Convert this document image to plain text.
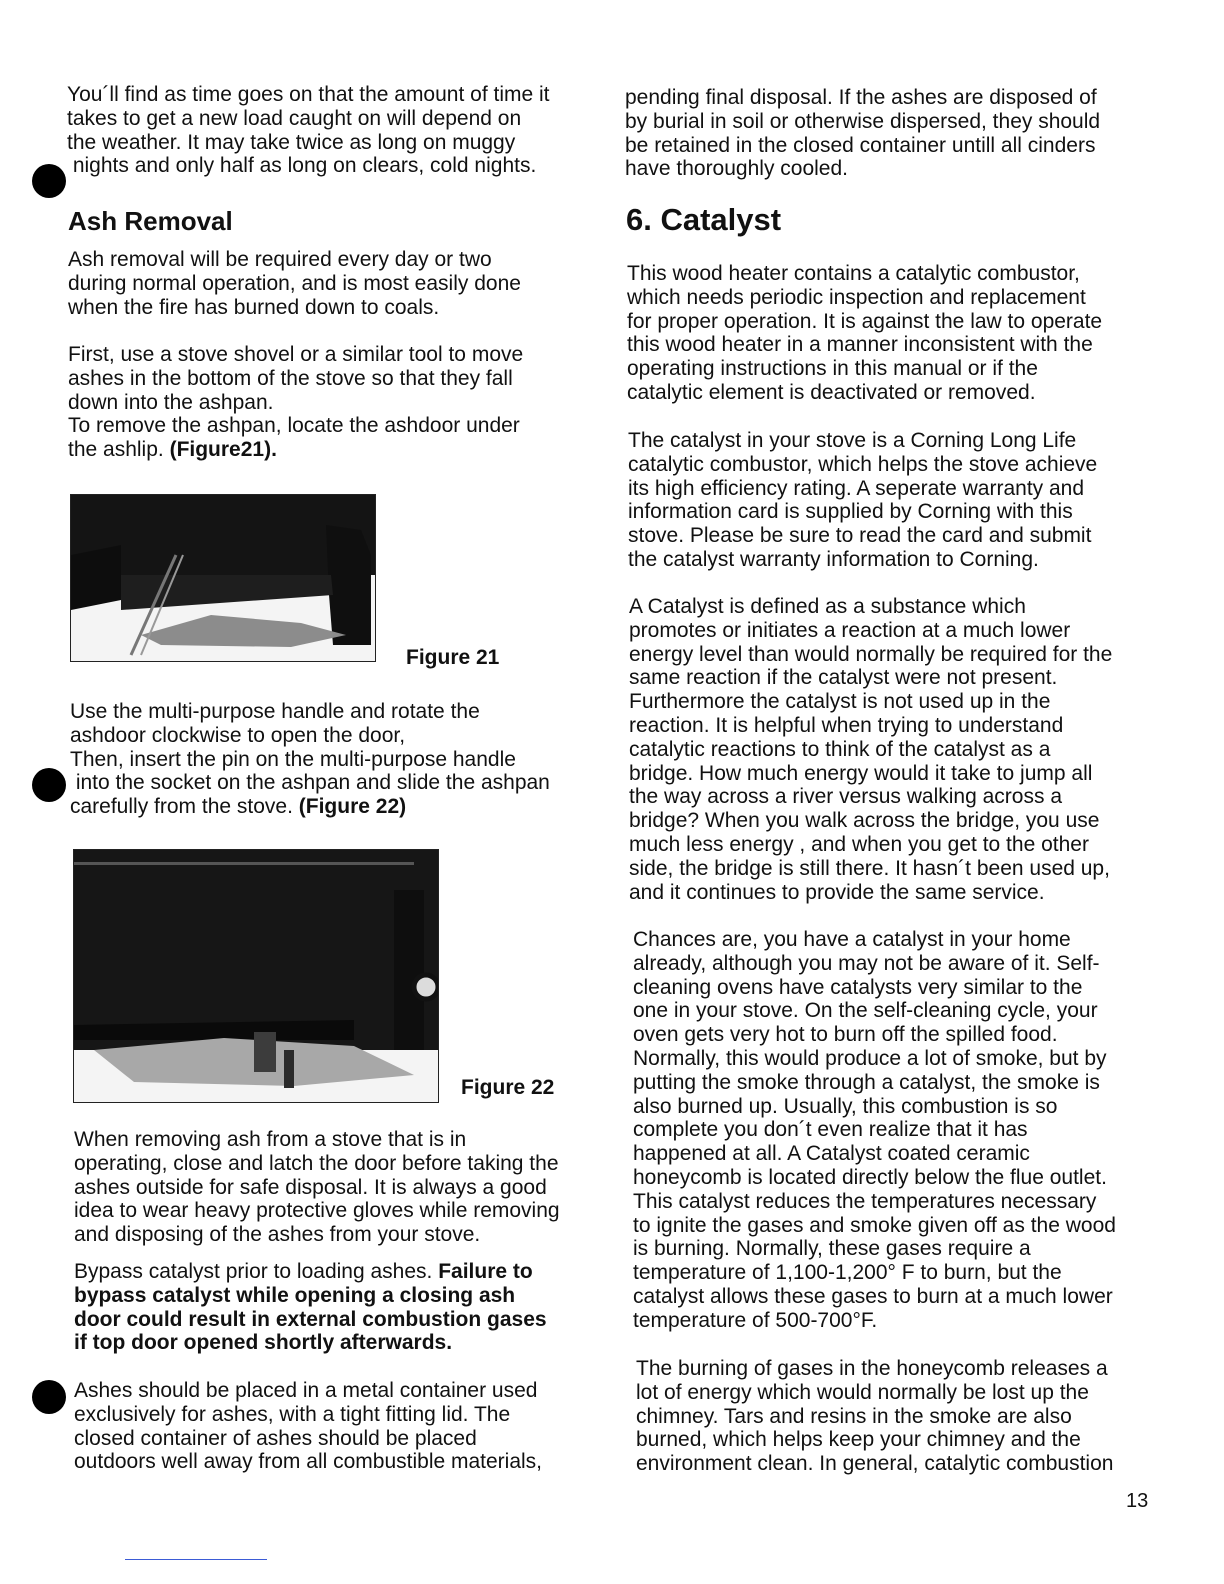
You´ll find as time goes on that the amount of time it
takes to get a new load caught on will depend on
the weather. It may take twice as long on muggy
nights and only half as long on clears, cold nights.

Ash Removal

Ash removal will be required every day or two
during normal operation, and is most easily done
when the fire has burned down to coals.

First, use a stove shovel or a similar tool to move
ashes in the bottom of the stove so that they fall
down into the ashpan.
To remove the ashpan, locate the ashdoor under
the ashlip. (Figure21).

Figure 21

Use the multi-purpose handle and rotate the
ashdoor clockwise to open the door,
Then, insert the pin on the multi-purpose handle
into the socket on the ashpan and slide the ashpan
carefully from the stove. (Figure 22)

Figure 22

When removing ash from a stove that is in
operating, close and latch the door before taking the
ashes outside for safe disposal. It is always a good
idea to wear heavy protective gloves while removing
and disposing of the ashes from your stove.

Bypass catalyst prior to loading ashes. Failure to
bypass catalyst while opening a closing ash
door could result in external combustion gases
if top door opened shortly afterwards.

Ashes should be placed in a metal container used
exclusively for ashes, with a tight fitting lid. The
closed container of ashes should be placed
outdoors well away from all combustible materials,

pending final disposal. If the ashes are disposed of
by burial in soil or otherwise dispersed, they should
be retained in the closed container untill all cinders
have thoroughly cooled.

6. Catalyst

This wood heater contains a catalytic combustor,
which needs periodic inspection and replacement
for proper operation. It is against the law to operate
this wood heater in a manner inconsistent with the
operating instructions in this manual or if the
catalytic element is deactivated or removed.

The catalyst in your stove is a Corning Long Life
catalytic combustor, which helps the stove achieve
its high efficiency rating. A seperate warranty and
information card is supplied by Corning with this
stove. Please be sure to read the card and submit
the catalyst warranty information to Corning.

A Catalyst is defined as a substance which
promotes or initiates a reaction at a much lower
energy level than would normally be required for the
same reaction if the catalyst were not present.
Furthermore the catalyst is not used up in the
reaction. It is helpful when trying to understand
catalytic reactions to think of the catalyst as a
bridge. How much energy would it take to jump all
the way across a river versus walking across a
bridge? When you walk across the bridge, you use
much less energy , and when you get to the other
side, the bridge is still there. It hasn´t been used up,
and it continues to provide the same service.

Chances are, you have a catalyst in your home
already, although you may not be aware of it. Self-
cleaning ovens have catalysts very similar to the
one in your stove. On the self-cleaning cycle, your
oven gets very hot to burn off the spilled food.
Normally, this would produce a lot of smoke, but by
putting the smoke through a catalyst, the smoke is
also burned up. Usually, this combustion is so
complete you don´t even realize that it has
happened at all. A Catalyst coated ceramic
honeycomb is located directly below the flue outlet.
This catalyst reduces the temperatures necessary
to ignite the gases and smoke given off as the wood
is burning. Normally, these gases require a
temperature of 1,100-1,200° F to burn, but the
catalyst allows these gases to burn at a much lower
temperature of 500-700°F.

The burning of gases in the honeycomb releases a
lot of energy which would normally be lost up the
chimney. Tars and resins in the smoke are also
burned, which helps keep your chimney and the
environment clean. In general, catalytic combustion

13
